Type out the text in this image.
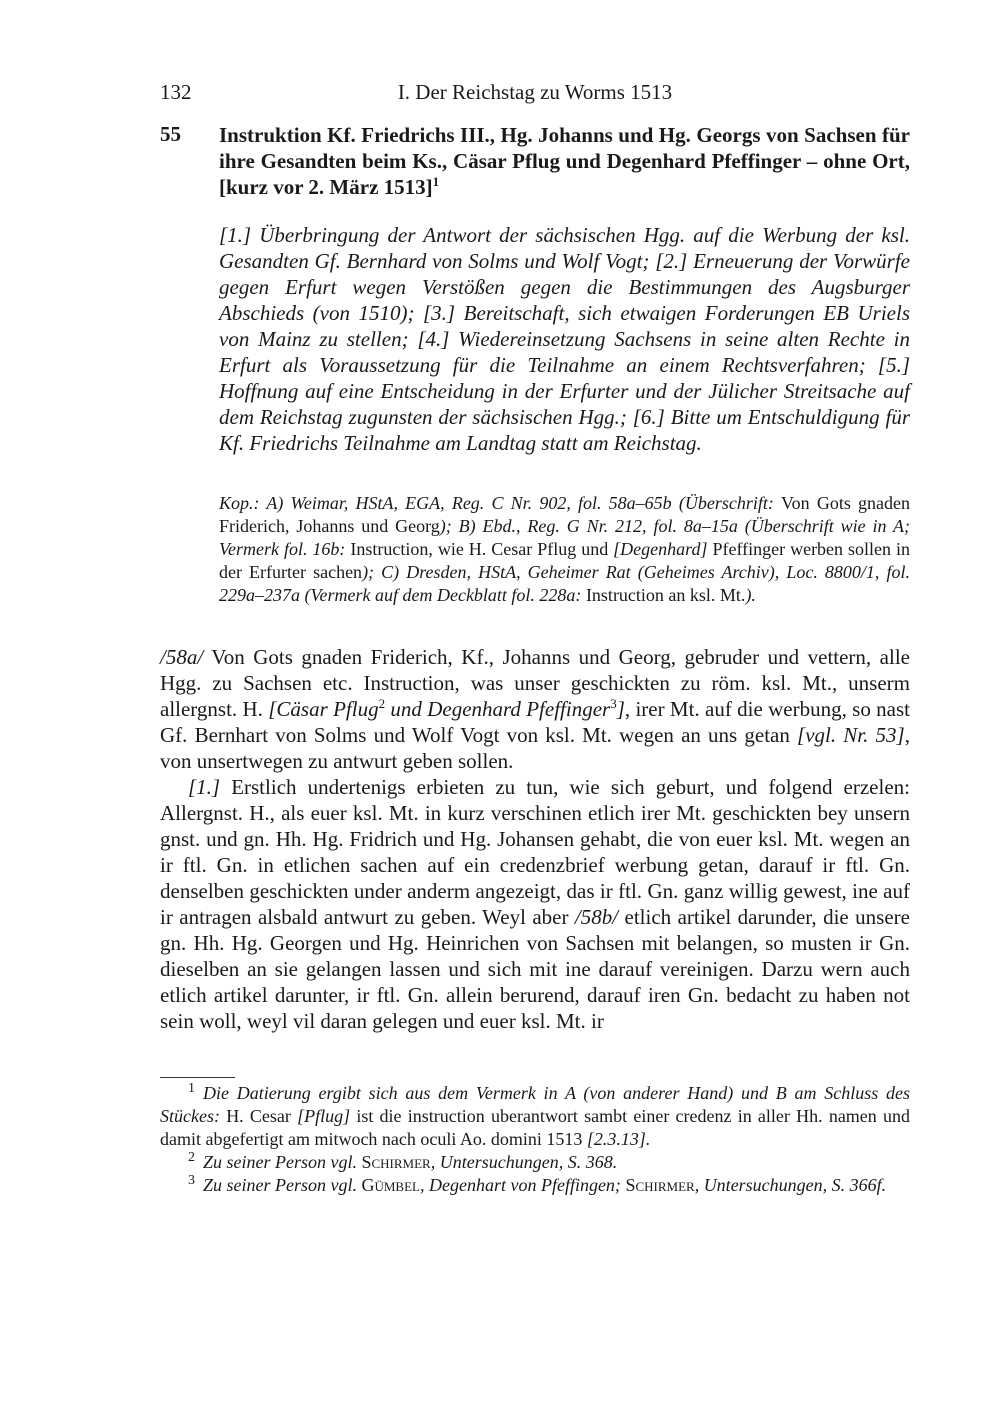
132	I. Der Reichstag zu Worms 1513
55 Instruktion Kf. Friedrichs III., Hg. Johanns und Hg. Georgs von Sachsen für ihre Gesandten beim Ks., Cäsar Pflug und Degenhard Pfeffinger – ohne Ort, [kurz vor 2. März 1513]$^1$
[1.] Überbringung der Antwort der sächsischen Hgg. auf die Werbung der ksl. Gesandten Gf. Bernhard von Solms und Wolf Vogt; [2.] Erneuerung der Vorwürfe gegen Erfurt wegen Verstößen gegen die Bestimmungen des Augsburger Abschieds (von 1510); [3.] Bereitschaft, sich etwaigen Forderungen EB Uriels von Mainz zu stellen; [4.] Wiedereinsetzung Sachsens in seine alten Rechte in Erfurt als Voraussetzung für die Teilnahme an einem Rechtsverfahren; [5.] Hoffnung auf eine Entscheidung in der Erfurter und der Jülicher Streitsache auf dem Reichstag zugunsten der sächsischen Hgg.; [6.] Bitte um Entschuldigung für Kf. Friedrichs Teilnahme am Landtag statt am Reichstag.
Kop.: A) Weimar, HStA, EGA, Reg. C Nr. 902, fol. 58a–65b (Überschrift: Von Gots gnaden Friderich, Johanns und Georg); B) Ebd., Reg. G Nr. 212, fol. 8a–15a (Überschrift wie in A; Vermerk fol. 16b: Instruction, wie H. Cesar Pflug und [Degenhard] Pfeffinger werben sollen in der Erfurter sachen); C) Dresden, HStA, Geheimer Rat (Geheimes Archiv), Loc. 8800/1, fol. 229a–237a (Vermerk auf dem Deckblatt fol. 228a: Instruction an ksl. Mt.).

/58a/ Von Gots gnaden Friderich, Kf., Johanns und Georg, gebruder und vettern, alle Hgg. zu Sachsen etc. Instruction, was unser geschickten zu röm. ksl. Mt., unserm allergnst. H. [Cäsar Pflug$^2$ und Degenhard Pfeffinger$^3$], irer Mt. auf die werbung, so nast Gf. Bernhart von Solms und Wolf Vogt von ksl. Mt. wegen an uns getan [vgl. Nr. 53], von unsertwegen zu antwurt geben sollen.

[1.] Erstlich undertenigs erbieten zu tun, wie sich geburt, und folgend erzelen: Allergnst. H., als euer ksl. Mt. in kurz verschinen etlich irer Mt. geschickten bey unsern gnst. und gn. Hh. Hg. Fridrich und Hg. Johansen gehabt, die von euer ksl. Mt. wegen an ir ftl. Gn. in etlichen sachen auf ein credenzbrief werbung getan, darauf ir ftl. Gn. denselben geschickten under anderm angezeigt, das ir ftl. Gn. ganz willig gewest, ine auf ir antragen alsbald antwurt zu geben. Weyl aber /58b/ etlich artikel darunder, die unsere gn. Hh. Hg. Georgen und Hg. Heinrichen von Sachsen mit belangen, so musten ir Gn. dieselben an sie gelangen lassen und sich mit ine darauf vereinigen. Darzu wern auch etlich artikel darunter, ir ftl. Gn. allein berurend, darauf iren Gn. bedacht zu haben not sein woll, weyl vil daran gelegen und euer ksl. Mt. ir

$^1$ Die Datierung ergibt sich aus dem Vermerk in A (von anderer Hand) und B am Schluss des Stückes: H. Cesar [Pflug] ist die instruction uberantwort sambt einer credenz in aller Hh. namen und damit abgefertigt am mitwoch nach oculi Ao. domini 1513 [2.3.13].

$^2$ Zu seiner Person vgl. Schirmer, Untersuchungen, S. 368.

$^3$ Zu seiner Person vgl. Gümbel, Degenhart von Pfeffingen; Schirmer, Untersuchungen, S. 366f.
